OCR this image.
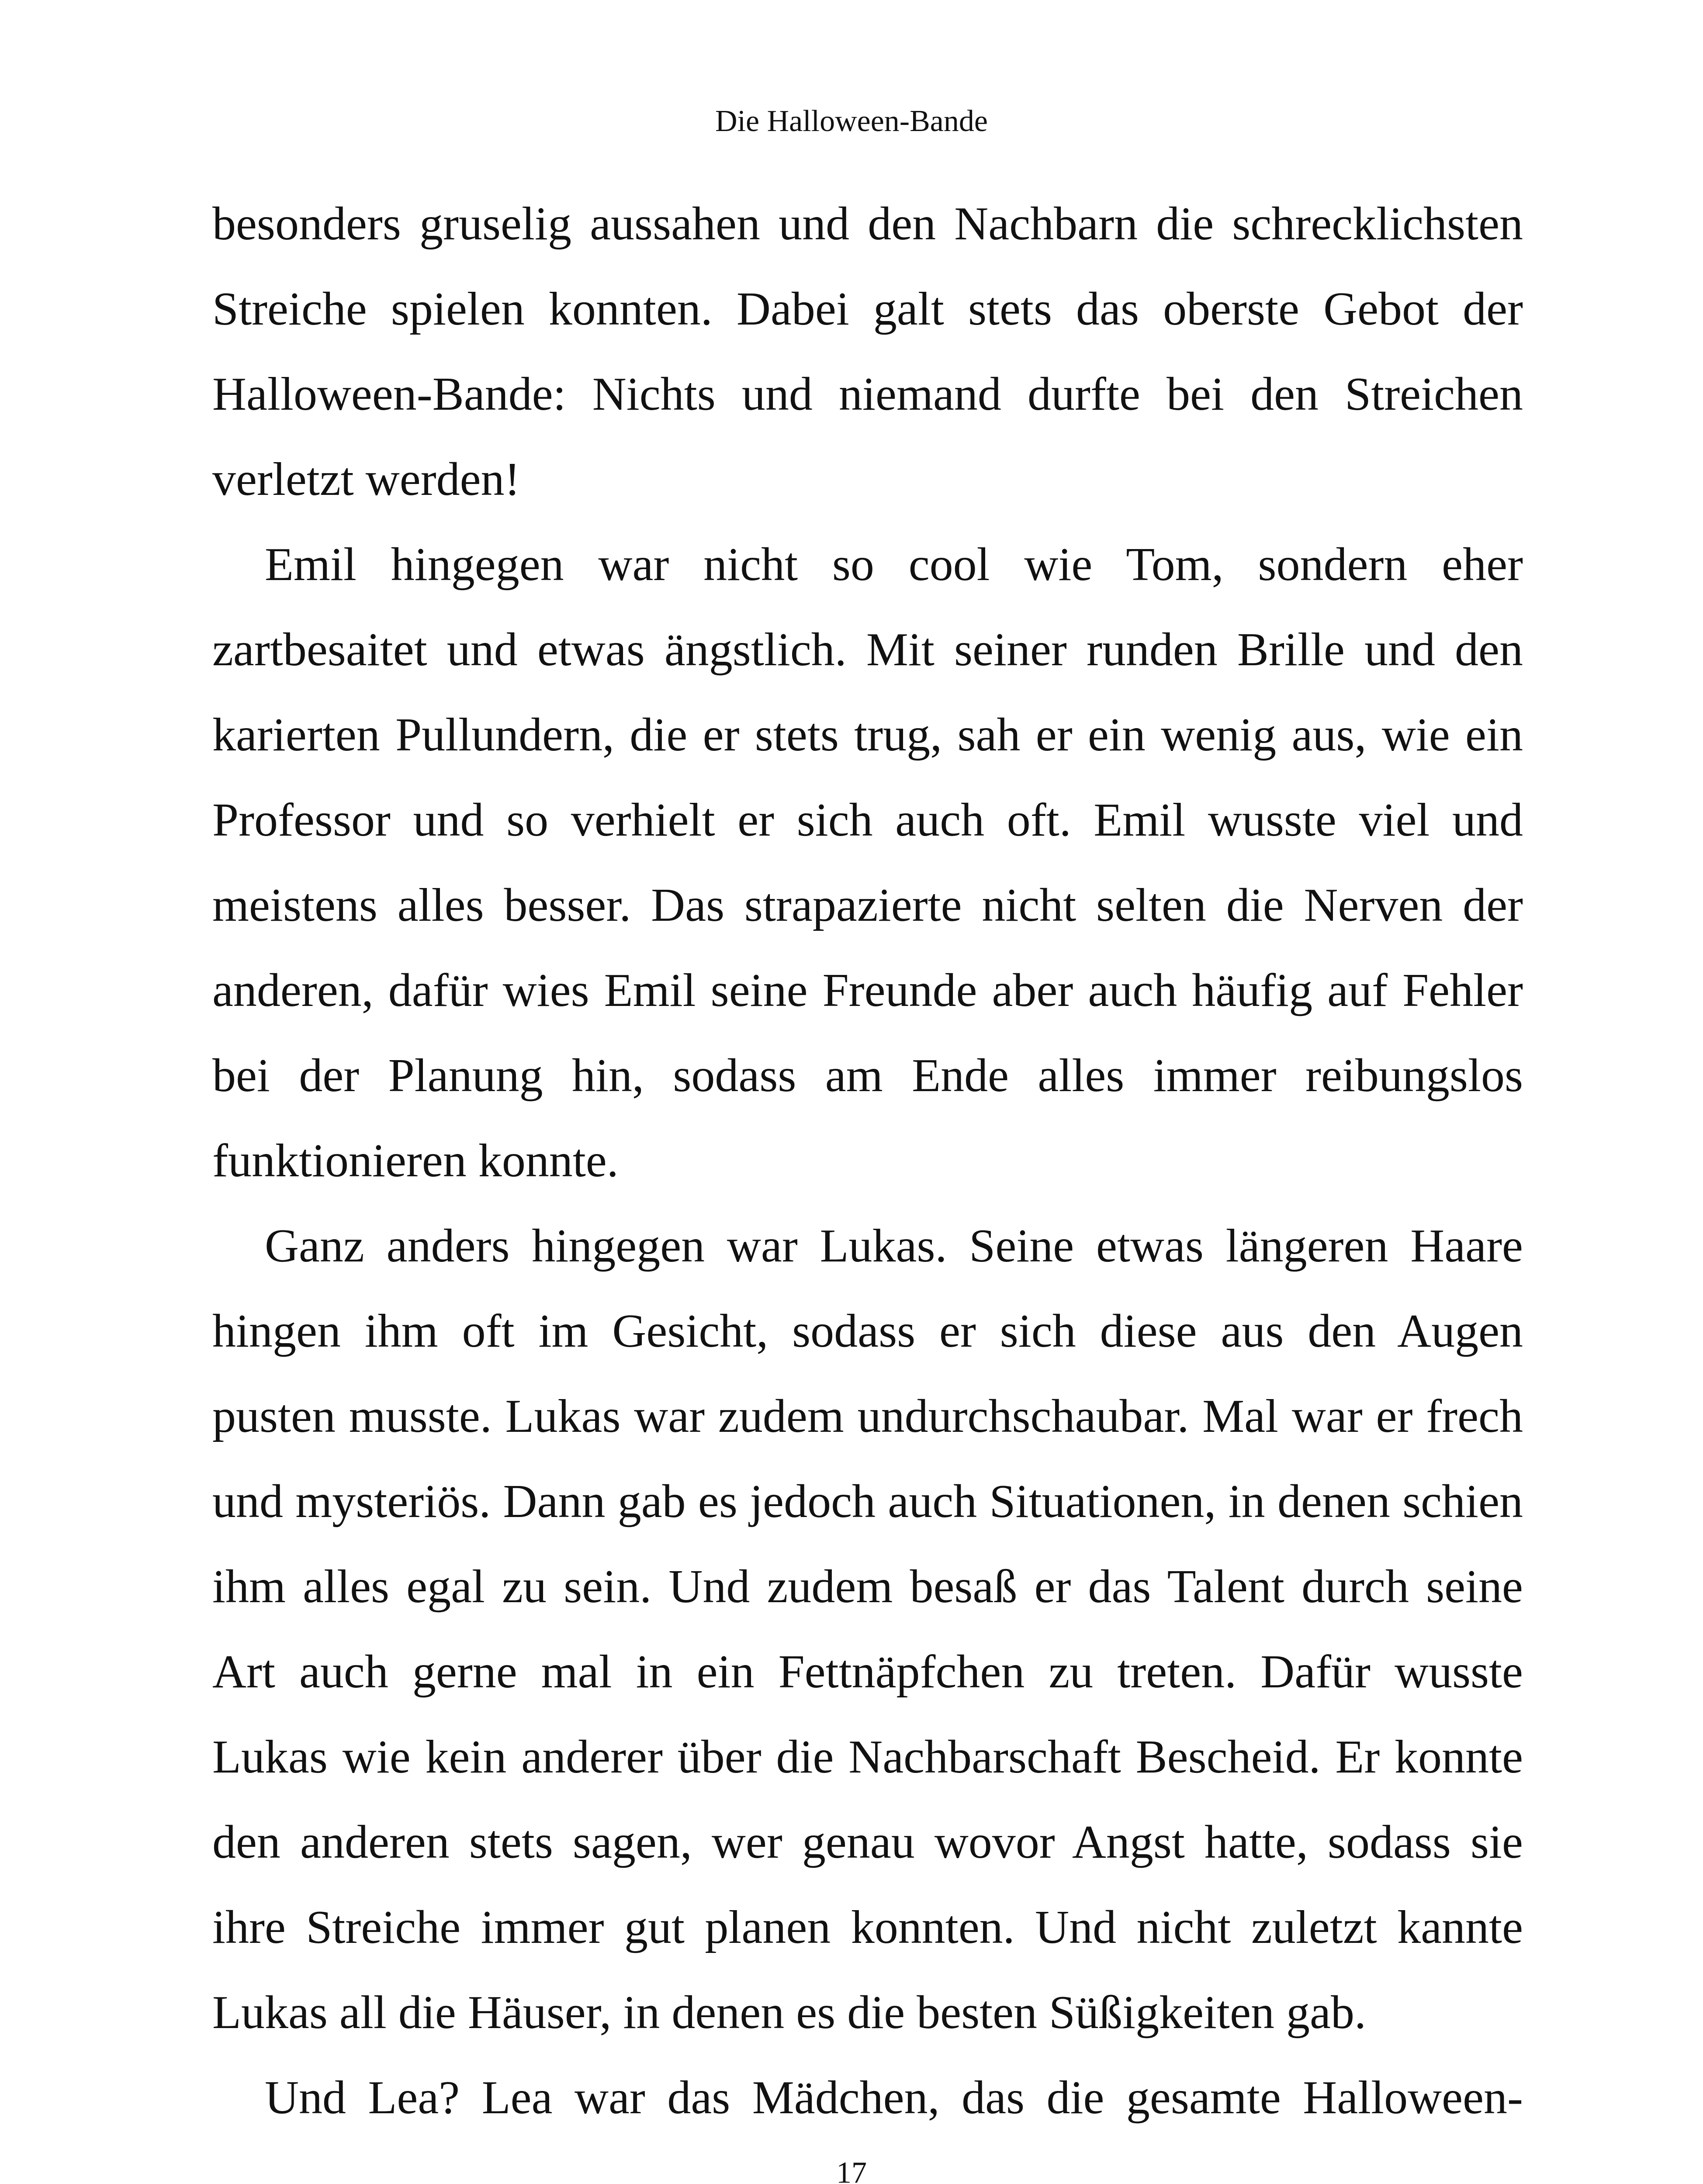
Die Halloween-Bande
besonders gruselig aussahen und den Nachbarn die schrecklichsten
Streiche spielen konnten. Dabei galt stets das oberste Gebot der
Halloween-Bande: Nichts und niemand durfte bei den Streichen
verletzt werden!
Emil hingegen war nicht so cool wie Tom, sondern eher
zartbesaitet und etwas ängstlich. Mit seiner runden Brille und den
karierten Pullundern, die er stets trug, sah er ein wenig aus, wie ein
Professor und so verhielt er sich auch oft. Emil wusste viel und
meistens alles besser. Das strapazierte nicht selten die Nerven der
anderen, dafür wies Emil seine Freunde aber auch häufig auf Fehler
bei der Planung hin, sodass am Ende alles immer reibungslos
funktionieren konnte.
Ganz anders hingegen war Lukas. Seine etwas längeren Haare
hingen ihm oft im Gesicht, sodass er sich diese aus den Augen
pusten musste. Lukas war zudem undurchschaubar. Mal war er frech
und mysteriös. Dann gab es jedoch auch Situationen, in denen schien
ihm alles egal zu sein. Und zudem besaß er das Talent durch seine
Art auch gerne mal in ein Fettnäpfchen zu treten. Dafür wusste
Lukas wie kein anderer über die Nachbarschaft Bescheid. Er konnte
den anderen stets sagen, wer genau wovor Angst hatte, sodass sie
ihre Streiche immer gut planen konnten. Und nicht zuletzt kannte
Lukas all die Häuser, in denen es die besten Süßigkeiten gab.
Und Lea? Lea war das Mädchen, das die gesamte Halloween-
17
